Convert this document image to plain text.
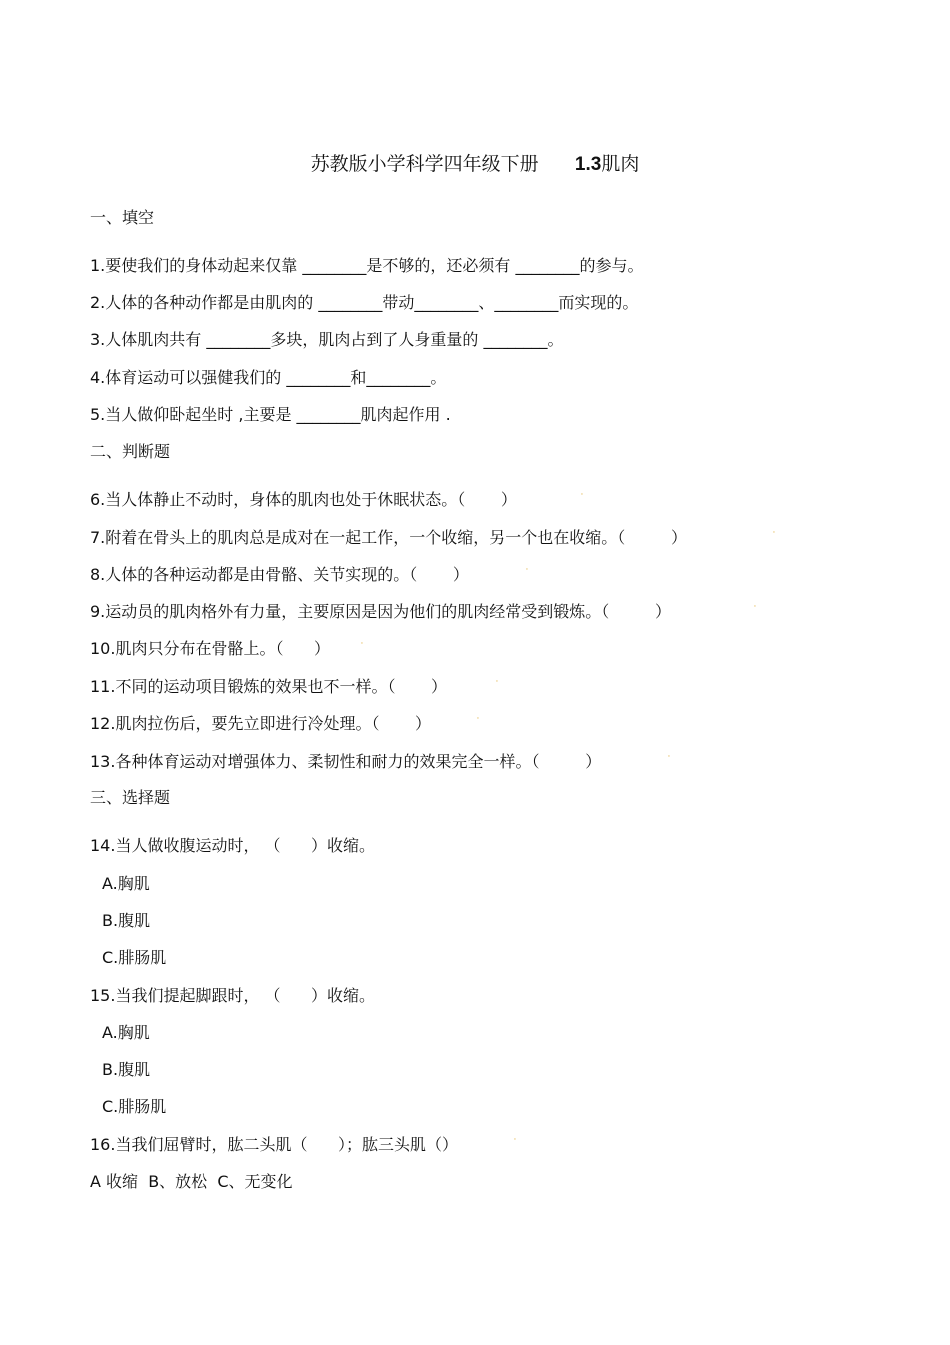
苏教版小学科学四年级下册 1.3肌肉
一、填空
1.要使我们的身体动起来仅靠 ________是不够的，还必须有 ________的参与。
2.人体的各种动作都是由肌肉的 ________带动________、________而实现的。
3.人体肌肉共有 ________多块，肌肉占到了人身重量的 ________。
4.体育运动可以强健我们的 ________和________。
5.当人做仰卧起坐时 ,主要是 ________肌肉起作用 .
二、判断题
6.当人体静止不动时，身体的肌肉也处于休眠状态。（       ）	'
7.附着在骨头上的肌肉总是成对在一起工作，一个收缩，另一个也在收缩。（         ）	'
8.人体的各种运动都是由骨骼、关节实现的。（       ）	'
9.运动员的肌肉格外有力量，主要原因是因为他们的肌肉经常受到锻炼。（         ）	'
10.肌肉只分布在骨骼上。（      ）	'
11.不同的运动项目锻炼的效果也不一样。（       ）	'
12.肌肉拉伤后，要先立即进行冷处理。（       ）	'
13.各种体育运动对增强体力、柔韧性和耐力的效果完全一样。（         ）	'
三、选择题
14.当人做收腹运动时， （      ）收缩。
A.胸肌
B.腹肌
C.腓肠肌
15.当我们提起脚跟时， （      ）收缩。
A.胸肌
B.腹肌
C.腓肠肌
16.当我们屈臂时，肱二头肌（      ）；肱三头肌（）	'
A 收缩  B、放松  C、无变化
